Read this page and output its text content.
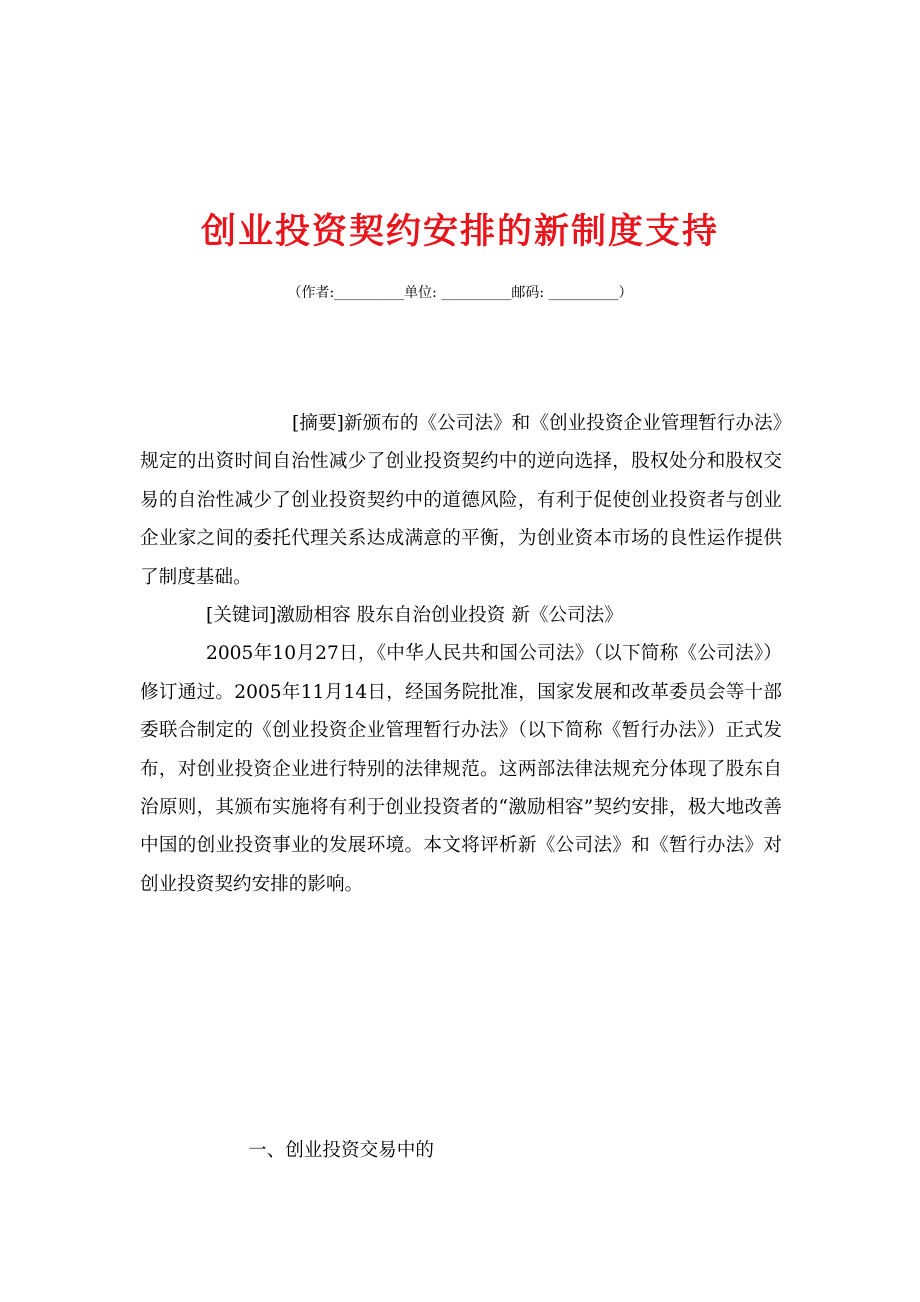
创业投资契约安排的新制度支持
（作者:__________单位: __________邮码: __________）

[摘要]新颁布的《公司法》和《创业投资企业管理暂行办法》规定的出资时间自治性减少了创业投资契约中的逆向选择，股权处分和股权交易的自治性减少了创业投资契约中的道德风险，有利于促使创业投资者与创业企业家之间的委托代理关系达成满意的平衡，为创业资本市场的良性运作提供了制度基础。

[关键词]激励相容 股东自治创业投资 新《公司法》

2005年10月27日，《中华人民共和国公司法》（以下简称《公司法》）修订通过。2005年11月14日，经国务院批准，国家发展和改革委员会等十部委联合制定的《创业投资企业管理暂行办法》（以下简称《暂行办法》）正式发布，对创业投资企业进行特别的法律规范。这两部法律法规充分体现了股东自治原则，其颁布实施将有利于创业投资者的“激励相容”契约安排，极大地改善中国的创业投资事业的发展环境。本文将评析新《公司法》和《暂行办法》对创业投资契约安排的影响。

一、创业投资交易中的
